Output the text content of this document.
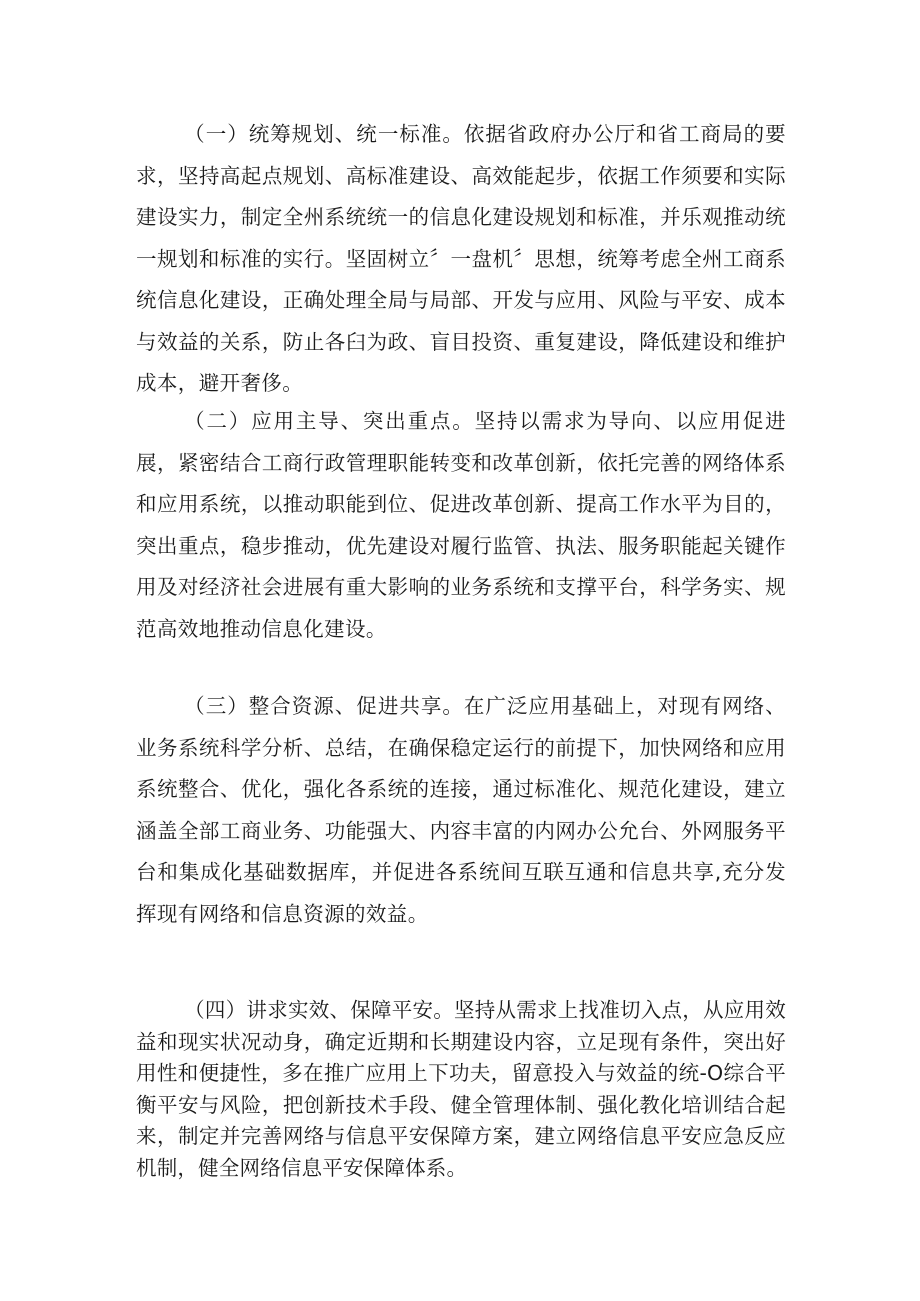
（一）统筹规划、统一标准。依据省政府办公厅和省工商局的要求，坚持高起点规划、高标准建设、高效能起步，依据工作须要和实际建设实力，制定全州系统统一的信息化建设规划和标准，并乐观推动统一规划和标准的实行。坚固树立〞一盘机〞思想，统筹考虑全州工商系统信息化建设，正确处理全局与局部、开发与应用、风险与平安、成本与效益的关系，防止各臼为政、盲目投资、重复建设，降低建设和维护成本，避开奢侈。

（二）应用主导、突出重点。坚持以需求为导向、以应用促进展，紧密结合工商行政管理职能转变和改革创新，依托完善的网络体系和应用系统，以推动职能到位、促进改革创新、提高工作水平为目的，突出重点，稳步推动，优先建设对履行监管、执法、服务职能起关键作用及对经济社会进展有重大影响的业务系统和支撑平台，科学务实、规范高效地推动信息化建设。

（三）整合资源、促进共享。在广泛应用基础上，对现有网络、业务系统科学分析、总结，在确保稳定运行的前提下，加快网络和应用系统整合、优化，强化各系统的连接，通过标准化、规范化建设，建立涵盖全部工商业务、功能强大、内容丰富的内网办公允台、外网服务平台和集成化基础数据库，并促进各系统间互联互通和信息共享,充分发挥现有网络和信息资源的效益。

（四）讲求实效、保障平安。坚持从需求上找准切入点，从应用效益和现实状况动身，确定近期和长期建设内容，立足现有条件，突出好用性和便捷性，多在推广应用上下功夫，留意投入与效益的统-O综合平衡平安与风险，把创新技术手段、健全管理体制、强化教化培训结合起来，制定并完善网络与信息平安保障方案，建立网络信息平安应急反应机制，健全网络信息平安保障体系。
